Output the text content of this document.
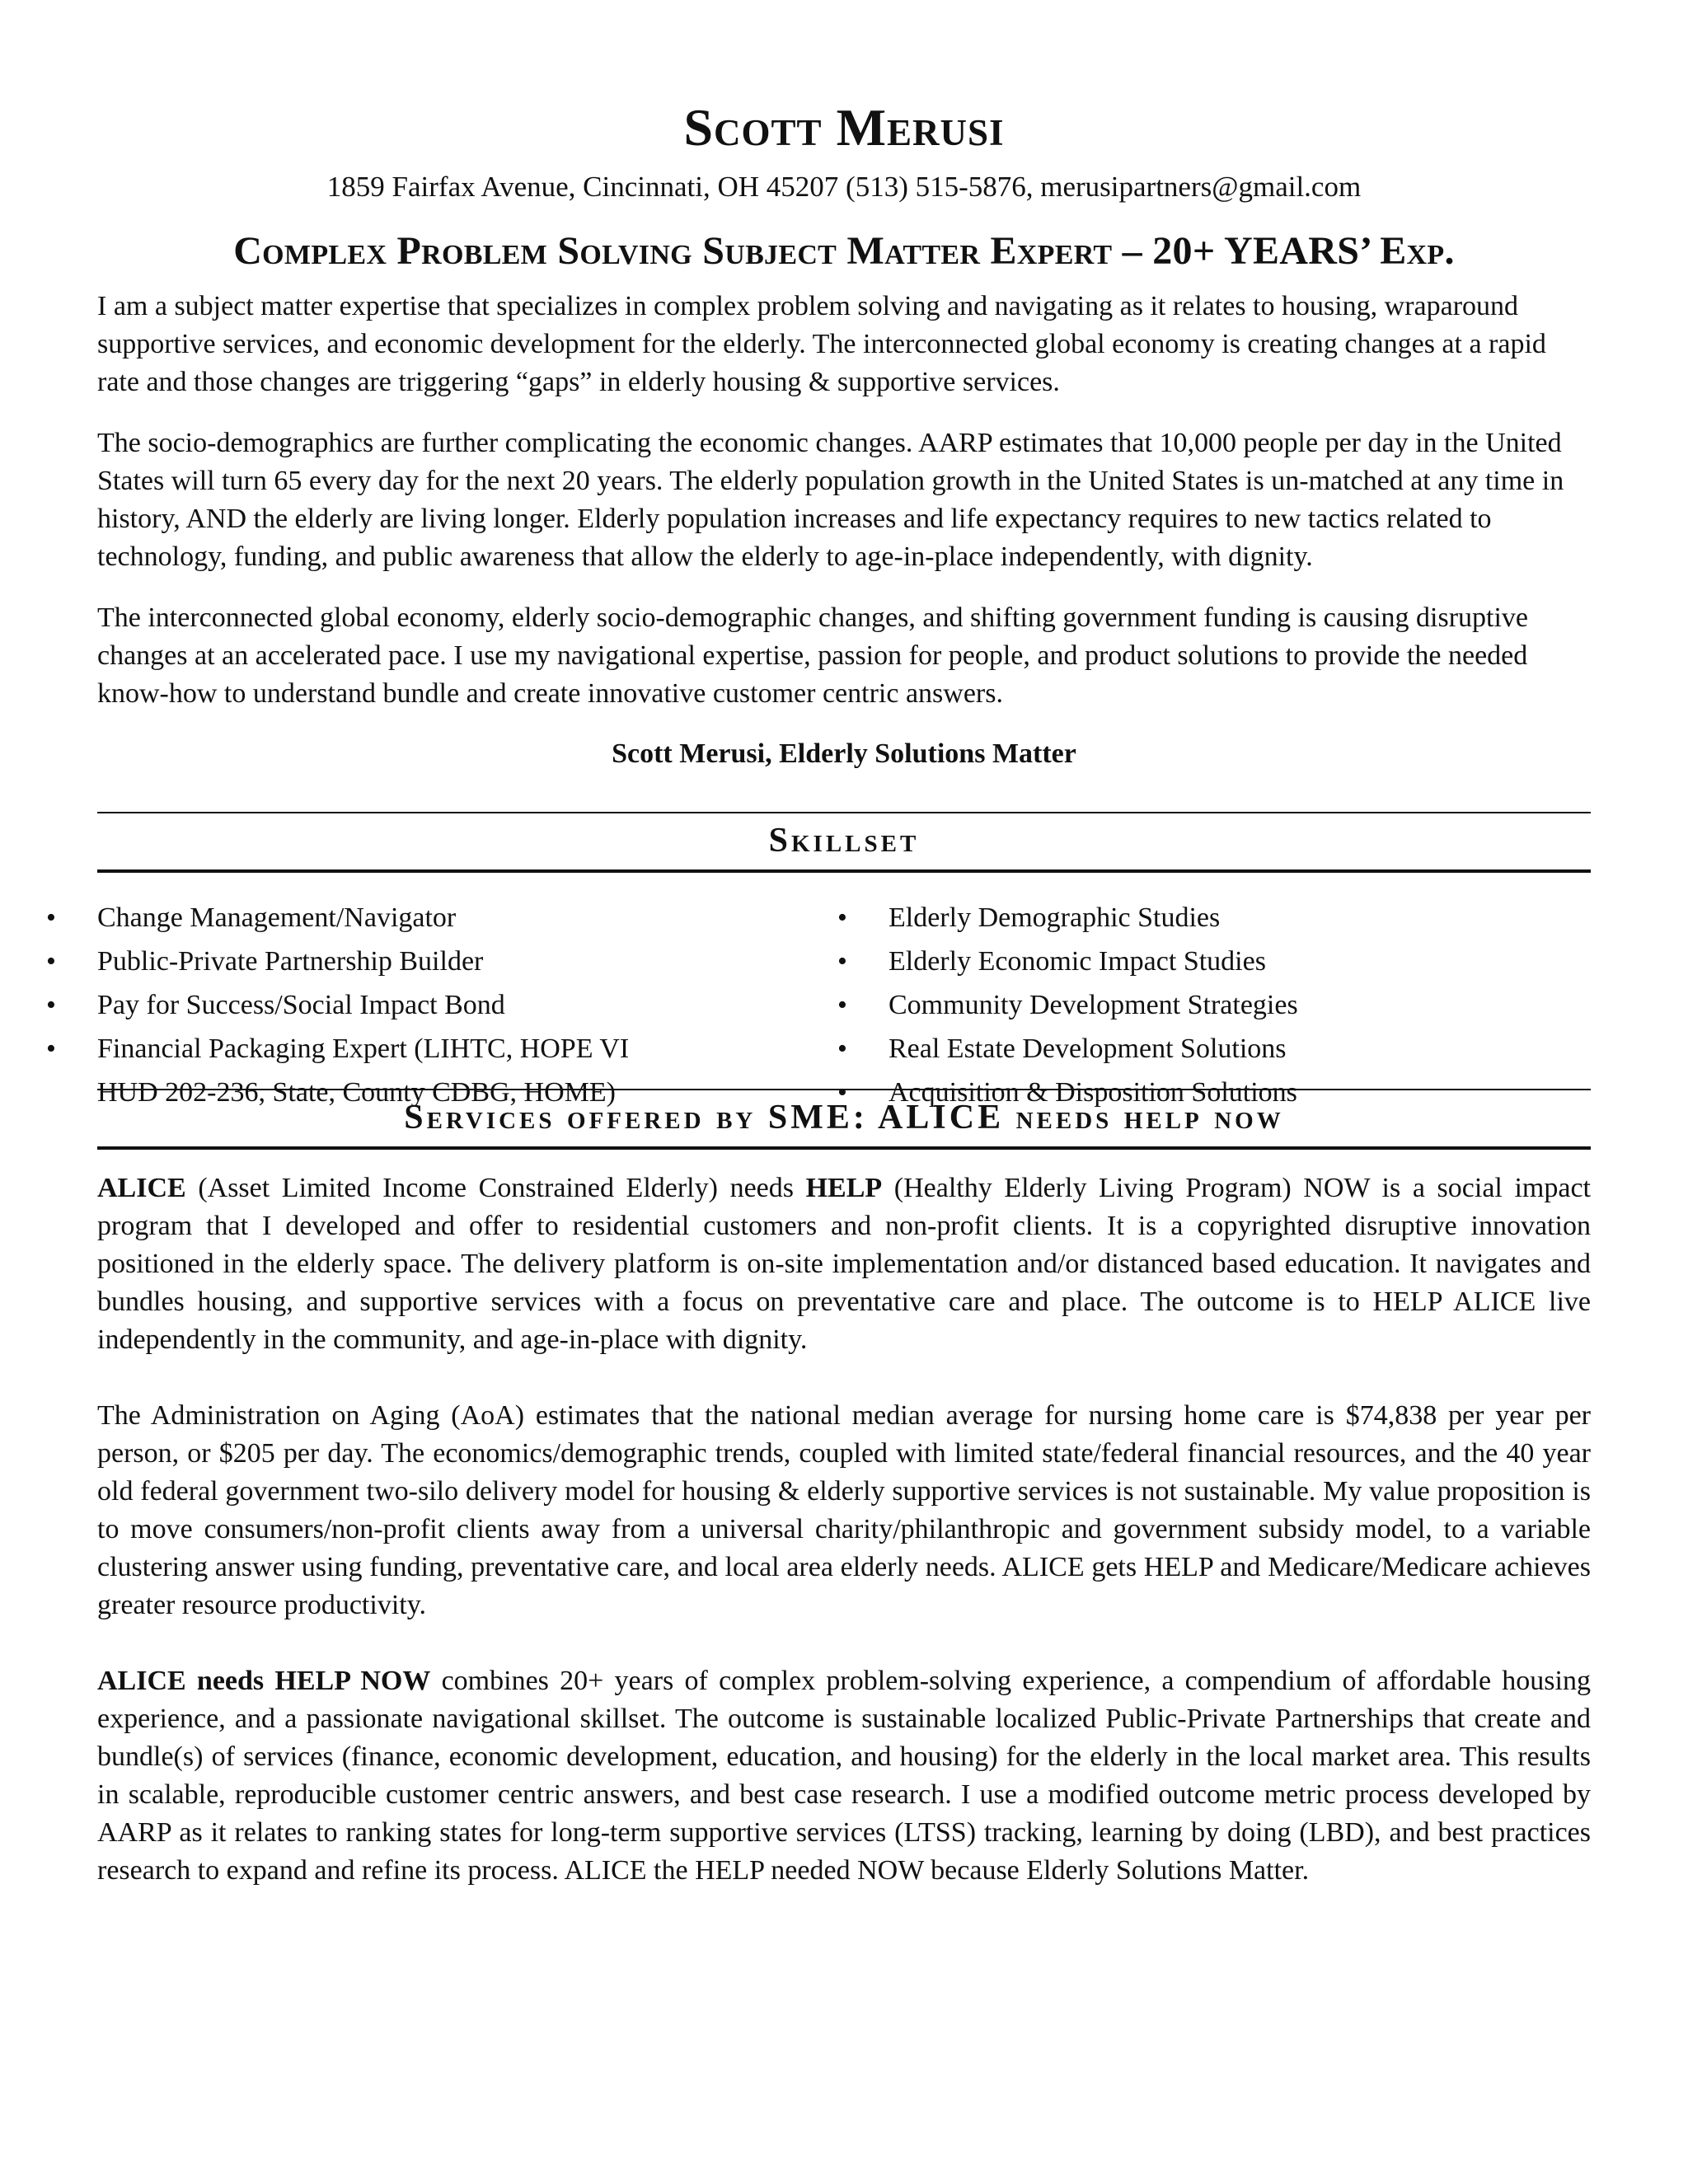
Scott Merusi
1859 Fairfax Avenue, Cincinnati, OH 45207 (513) 515-5876, merusipartners@gmail.com
Complex Problem Solving Subject Matter Expert – 20+ YEARS’ Exp.

I am a subject matter expertise that specializes in complex problem solving and navigating as it relates to housing, wraparound supportive services, and economic development for the elderly. The interconnected global economy is creating changes at a rapid rate and those changes are triggering “gaps” in elderly housing & supportive services.

The socio-demographics are further complicating the economic changes. AARP estimates that 10,000 people per day in the United States will turn 65 every day for the next 20 years. The elderly population growth in the United States is un-matched at any time in history, AND the elderly are living longer. Elderly population increases and life expectancy requires to new tactics related to technology, funding, and public awareness that allow the elderly to age-in-place independently, with dignity.

The interconnected global economy, elderly socio-demographic changes, and shifting government funding is causing disruptive changes at an accelerated pace. I use my navigational expertise, passion for people, and product solutions to provide the needed know-how to understand bundle and create innovative customer centric answers.

Scott Merusi, Elderly Solutions Matter
Skillset
• Change Management/Navigator
• Public-Private Partnership Builder
• Pay for Success/Social Impact Bond
• Financial Packaging Expert (LIHTC, HOPE VI
HUD 202-236, State, County CDBG, HOME)
• Elderly Demographic Studies
• Elderly Economic Impact Studies
• Community Development Strategies
• Real Estate Development Solutions
• Acquisition & Disposition Solutions
Services offered by SME: ALICE needs help now

ALICE (Asset Limited Income Constrained Elderly) needs HELP (Healthy Elderly Living Program) NOW is a social impact program that I developed and offer to residential customers and non-profit clients. It is a copyrighted disruptive innovation positioned in the elderly space. The delivery platform is on-site implementation and/or distanced based education. It navigates and bundles housing, and supportive services with a focus on preventative care and place. The outcome is to HELP ALICE live independently in the community, and age-in-place with dignity.

The Administration on Aging (AoA) estimates that the national median average for nursing home care is $74,838 per year per person, or $205 per day. The economics/demographic trends, coupled with limited state/federal financial resources, and the 40 year old federal government two-silo delivery model for housing & elderly supportive services is not sustainable. My value proposition is to move consumers/non-profit clients away from a universal charity/philanthropic and government subsidy model, to a variable clustering answer using funding, preventative care, and local area elderly needs. ALICE gets HELP and Medicare/Medicare achieves greater resource productivity.

ALICE needs HELP NOW combines 20+ years of complex problem-solving experience, a compendium of affordable housing experience, and a passionate navigational skillset. The outcome is sustainable localized Public-Private Partnerships that create and bundle(s) of services (finance, economic development, education, and housing) for the elderly in the local market area. This results in scalable, reproducible customer centric answers, and best case research. I use a modified outcome metric process developed by AARP as it relates to ranking states for long-term supportive services (LTSS) tracking, learning by doing (LBD), and best practices research to expand and refine its process. ALICE the HELP needed NOW because Elderly Solutions Matter.
